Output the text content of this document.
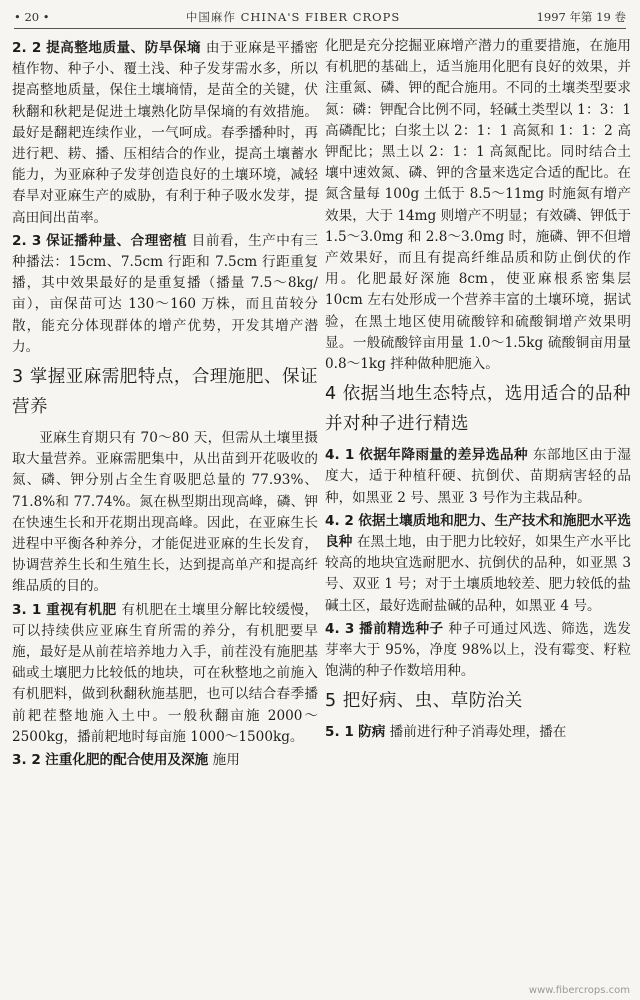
• 20 •	中国麻作 CHINA'S FIBER CROPS	1997 年第 19 卷

2. 2 提高整地质量、防旱保墒 由于亚麻是平播密植作物、种子小、覆土浅、种子发芽需水多，所以提高整地质量，保住土壤墒情，是苗全的关键，伏秋翻和秋耙是促进土壤熟化防旱保墒的有效措施。最好是翻耙连续作业，一气呵成。春季播种时，再进行耙、耢、播、压相结合的作业，提高土壤蓄水能力，为亚麻种子发芽创造良好的土壤环境，减轻春旱对亚麻生产的威胁，有利于种子吸水发芽，提高田间出苗率。

2. 3 保证播种量、合理密植 目前看，生产中有三种播法：15cm、7.5cm 行距和 7.5cm 行距重复播，其中效果最好的是重复播（播量 7.5～8kg/亩），亩保苗可达 130～160 万株，而且苗较分散，能充分体现群体的增产优势，开发其增产潜力。

3 掌握亚麻需肥特点，合理施肥、保证营养

亚麻生育期只有 70～80 天，但需从土壤里摄取大量营养。亚麻需肥集中，从出苗到开花吸收的氮、磷、钾分别占全生育吸肥总量的 77.93%、71.8%和 77.74%。氮在枞型期出现高峰，磷、钾在快速生长和开花期出现高峰。因此，在亚麻生长进程中平衡各种养分，才能促进亚麻的生长发育，协调营养生长和生殖生长，达到提高单产和提高纤维品质的目的。

3. 1 重视有机肥 有机肥在土壤里分解比较缓慢，可以持续供应亚麻生育所需的养分，有机肥要早施，最好是从前茬培养地力入手，前茬没有施肥基础或土壤肥力比较低的地块，可在秋整地之前施入有机肥料，做到秋翻秋施基肥，也可以结合春季播前耙茬整地施入土中。一般秋翻亩施 2000～2500kg，播前耙地时每亩施 1000～1500kg。

3. 2 注重化肥的配合使用及深施 施用

化肥是充分挖掘亚麻增产潜力的重要措施，在施用有机肥的基础上，适当施用化肥有良好的效果，并注重氮、磷、钾的配合施用。不同的土壤类型要求氮：磷：钾配合比例不同，轻碱土类型以 1：3：1 高磷配比；白浆土以 2：1：1 高氮和 1：1：2 高钾配比；黑土以 2：1：1 高氮配比。同时结合土壤中速效氮、磷、钾的含量来选定合适的配比。在氮含量每 100g 土低于 8.5～11mg 时施氮有增产效果，大于 14mg 则增产不明显；有效磷、钾低于 1.5～3.0mg 和 2.8～3.0mg 时，施磷、钾不但增产效果好，而且有提高纤维品质和防止倒伏的作用。化肥最好深施 8cm，使亚麻根系密集层 10cm 左右处形成一个营养丰富的土壤环境，据试验，在黑土地区使用硫酸锌和硫酸铜增产效果明显。一般硫酸锌亩用量 1.0～1.5kg 硫酸铜亩用量 0.8～1kg 拌种做种肥施入。

4 依据当地生态特点，选用适合的品种并对种子进行精选

4. 1 依据年降雨量的差异选品种 东部地区由于湿度大，适于种植秆硬、抗倒伏、苗期病害轻的品种，如黑亚 2 号、黑亚 3 号作为主栽品种。

4. 2 依据土壤质地和肥力、生产技术和施肥水平选良种 在黑土地，由于肥力比较好，如果生产水平比较高的地块宜选耐肥水、抗倒伏的品种，如亚黑 3 号、双亚 1 号；对于土壤质地较差、肥力较低的盐碱土区，最好选耐盐碱的品种，如黑亚 4 号。

4. 3 播前精选种子 种子可通过风选、筛选，选发芽率大于 95%，净度 98%以上，没有霉变、籽粒饱满的种子作数培用种。

5 把好病、虫、草防治关

5. 1 防病 播前进行种子消毒处理，播在

www.fibercrops.com
